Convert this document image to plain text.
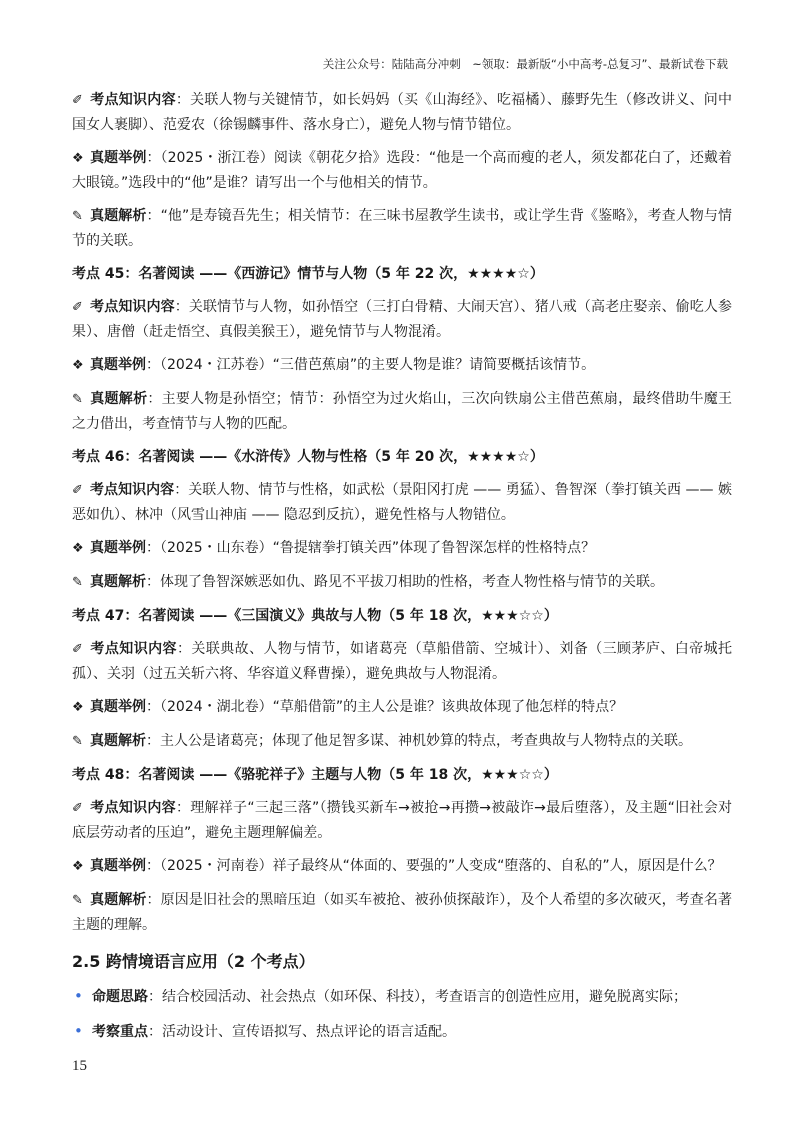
关注公众号：陆陆高分冲刺　~领取：最新版“小中高考-总复习”、最新试卷下载
✐ 考点知识内容：关联人物与关键情节，如长妈妈（买《山海经》、吃福橘）、藤野先生（修改讲义、问中国女人裹脚）、范爱农（徐锡麟事件、落水身亡），避免人物与情节错位。
❖ 真题举例：（2025・浙江卷）阅读《朝花夕拾》选段：“他是一个高而瘦的老人，须发都花白了，还戴着大眼镜。”选段中的“他”是谁？请写出一个与他相关的情节。
✎ 真题解析：“他”是寿镜吾先生；相关情节：在三味书屋教学生读书，或让学生背《鉴略》，考查人物与情节的关联。
考点 45：名著阅读 ——《西游记》情节与人物（5 年 22 次，★★★★☆）
✐ 考点知识内容：关联情节与人物，如孙悟空（三打白骨精、大闹天宫）、猪八戒（高老庄娶亲、偷吃人参果）、唐僧（赶走悟空、真假美猴王），避免情节与人物混淆。
❖ 真题举例：（2024・江苏卷）“三借芭蕉扇”的主要人物是谁？请简要概括该情节。
✎ 真题解析：主要人物是孙悟空；情节：孙悟空为过火焰山，三次向铁扇公主借芭蕉扇，最终借助牛魔王之力借出，考查情节与人物的匹配。
考点 46：名著阅读 ——《水浒传》人物与性格（5 年 20 次，★★★★☆）
✐ 考点知识内容：关联人物、情节与性格，如武松（景阳冈打虎 —— 勇猛）、鲁智深（拳打镇关西 —— 嫉恶如仇）、林冲（风雪山神庙 —— 隐忍到反抗），避免性格与人物错位。
❖ 真题举例：（2025・山东卷）“鲁提辖拳打镇关西”体现了鲁智深怎样的性格特点？
✎ 真题解析：体现了鲁智深嫉恶如仇、路见不平拔刀相助的性格，考查人物性格与情节的关联。
考点 47：名著阅读 ——《三国演义》典故与人物（5 年 18 次，★★★☆☆）
✐ 考点知识内容：关联典故、人物与情节，如诸葛亮（草船借箭、空城计）、刘备（三顾茅庐、白帝城托孤）、关羽（过五关斩六将、华容道义释曹操），避免典故与人物混淆。
❖ 真题举例：（2024・湖北卷）“草船借箭”的主人公是谁？该典故体现了他怎样的特点？
✎ 真题解析：主人公是诸葛亮；体现了他足智多谋、神机妙算的特点，考查典故与人物特点的关联。
考点 48：名著阅读 ——《骆驼祥子》主题与人物（5 年 18 次，★★★☆☆）
✐ 考点知识内容：理解祥子“三起三落”（攒钱买新车→被抢→再攒→被敲诈→最后堕落），及主题“旧社会对底层劳动者的压迫”，避免主题理解偏差。
❖ 真题举例：（2025・河南卷）祥子最终从“体面的、要强的”人变成“堕落的、自私的”人，原因是什么？
✎ 真题解析：原因是旧社会的黑暗压迫（如买车被抢、被孙侦探敲诈），及个人希望的多次破灭，考查名著主题的理解。
2.5 跨情境语言应用（2 个考点）
• 命题思路：结合校园活动、社会热点（如环保、科技），考查语言的创造性应用，避免脱离实际；
• 考察重点：活动设计、宣传语拟写、热点评论的语言适配。
15
